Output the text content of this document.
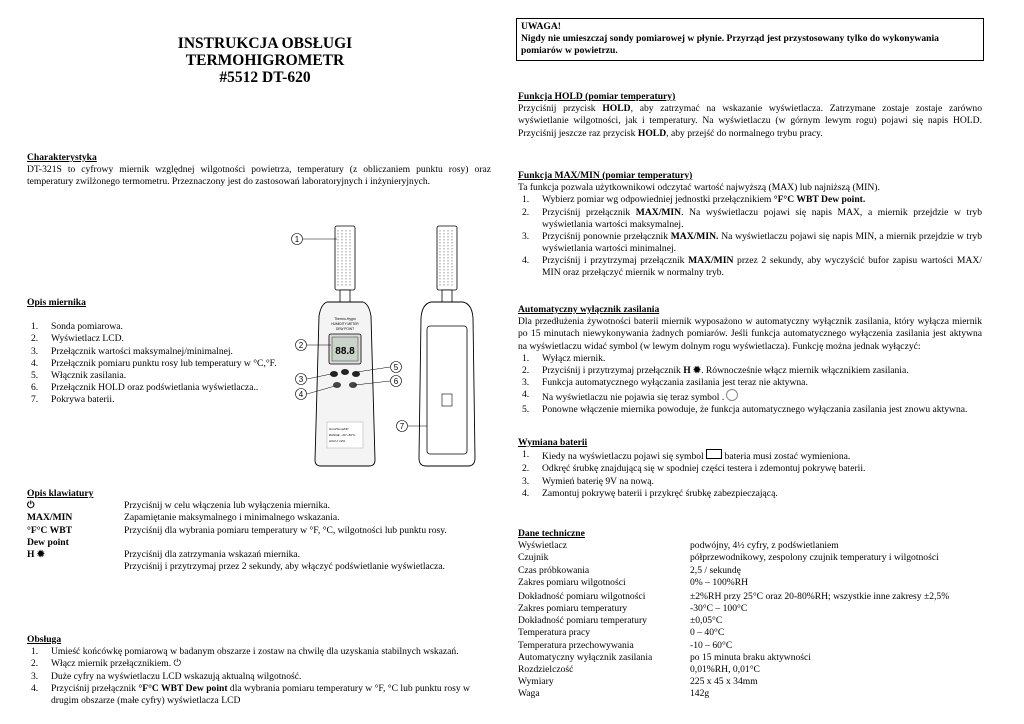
INSTRUKCJA OBSŁUGI
TERMOHIGROMETR
#5512 DT-620
Charakterystyka
DT-321S to cyfrowy miernik względnej wilgotności powietrza, temperatury (z obliczaniem punktu rosy) oraz temperatury zwilżonego termometru. Przeznaczony jest do zastosowań laboratoryjnych i inżynieryjnych.
Opis miernika
1. Sonda pomiarowa.
2. Wyświetlacz LCD.
3. Przełącznik wartości maksymalnej/minimalnej.
4. Przełącznik pomiaru punktu rosy lub temperatury w °C,°F.
5. Włącznik zasilania.
6. Przełącznik HOLD oraz podświetlania wyświetlacza..
7. Pokrywa baterii.
Thermo-Hygro
HUMIDITY METER
DEW POINT
88.8
Hum/Temp/DP
RANGE: -20°~60°C
ACCU: ±2%
1
2
3
4
5
6
7
Opis klawiatury
⏻	Przyciśnij w celu włączenia lub wyłączenia miernika.
MAX/MIN	Zapamiętanie maksymalnego i minimalnego wskazania.
°F°C WBT	Przyciśnij dla wybrania pomiaru temperatury w °F, °C, wilgotności lub punktu rosy.
Dew point
H ✹	Przyciśnij dla zatrzymania wskazań miernika.
Przyciśnij i przytrzymaj przez 2 sekundy, aby włączyć podświetlanie wyświetlacza.
Obsługa
1. Umieść końcówkę pomiarową w badanym obszarze i zostaw na chwilę dla uzyskania stabilnych wskazań.
2. Włącz miernik przełącznikiem. ⏻
3. Duże cyfry na wyświetlaczu LCD wskazują aktualną wilgotność.
4. Przyciśnij przełącznik °F°C WBT Dew point dla wybrania pomiaru temperatury w °F, °C lub punktu rosy w drugim obszarze (małe cyfry) wyświetlacza LCD
UWAGA!
Nigdy nie umieszczaj sondy pomiarowej w płynie. Przyrząd jest przystosowany tylko do wykonywania pomiarów w powietrzu.
Funkcja HOLD (pomiar temperatury)
Przyciśnij przycisk HOLD, aby zatrzymać na wskazanie wyświetlacza. Zatrzymane zostaje zostaje zarówno wyświetlanie wilgotności, jak i temperatury. Na wyświetlaczu (w górnym lewym rogu) pojawi się napis HOLD. Przyciśnij jeszcze raz przycisk HOLD, aby przejść do normalnego trybu pracy.
Funkcja MAX/MIN (pomiar temperatury)
Ta funkcja pozwala użytkownikowi odczytać wartość najwyższą (MAX) lub najniższą (MIN).
1. Wybierz pomiar wg odpowiedniej jednostki przełącznikiem °F°C WBT Dew point.
2. Przyciśnij przełącznik MAX/MIN. Na wyświetlaczu pojawi się napis MAX, a miernik przejdzie w tryb wyświetlania wartości maksymalnej.
3. Przyciśnij ponownie przełącznik MAX/MIN. Na wyświetlaczu pojawi się napis MIN, a miernik przejdzie w tryb wyświetlania wartości minimalnej.
4. Przyciśnij i przytrzymaj przełącznik MAX/MIN przez 2 sekundy, aby wyczyścić bufor zapisu wartości MAX/ MIN oraz przełączyć miernik w normalny tryb.
Automatyczny wyłącznik zasilania
Dla przedłużenia żywotności baterii miernik wyposażono w automatyczny wyłącznik zasilania, który wyłącza miernik po 15 minutach niewykonywania żadnych pomiarów. Jeśli funkcja automatycznego wyłączenia zasilania jest aktywna na wyświetlaczu widać symbol (w lewym dolnym rogu wyświetlacza). Funkcję można jednak wyłączyć:
1. Wyłącz miernik.
2. Przyciśnij i przytrzymaj przełącznik H ✹. Równocześnie włącz miernik włącznikiem zasilania.
3. Funkcja automatycznego wyłączania zasilania jest teraz nie aktywna.
4. Na wyświetlaczu nie pojawia się teraz symbol .
5. Ponowne włączenie miernika powoduje, że funkcja automatycznego wyłączania zasilania jest znowu aktywna.
Wymiana baterii
1. Kiedy na wyświetlaczu pojawi się symbol  bateria musi zostać wymieniona.
2. Odkręć śrubkę znajdującą się w spodniej części testera i zdemontuj pokrywę baterii.
3. Wymień baterię 9V na nową.
4. Zamontuj pokrywę baterii i przykręć śrubkę zabezpieczającą.
Dane techniczne
Wyświetlacz	podwójny, 4½ cyfry, z podświetlaniem
Czujnik	półprzewodnikowy, zespolony czujnik temperatury i wilgotności
Czas próbkowania	2,5 / sekundę
Zakres pomiaru wilgotności	0% – 100%RH
Dokładność pomiaru wilgotności	±2%RH przy 25°C oraz 20-80%RH; wszystkie inne zakresy ±2,5%
Zakres pomiaru temperatury	-30°C – 100°C
Dokładność pomiaru temperatury	±0,05°C
Temperatura pracy	0 – 40°C
Temperatura przechowywania	-10 – 60°C
Automatyczny wyłącznik zasilania	po 15 minuta braku aktywności
Rozdzielczość	0,01%RH, 0,01°C
Wymiary	225 x 45 x 34mm
Waga	142g
